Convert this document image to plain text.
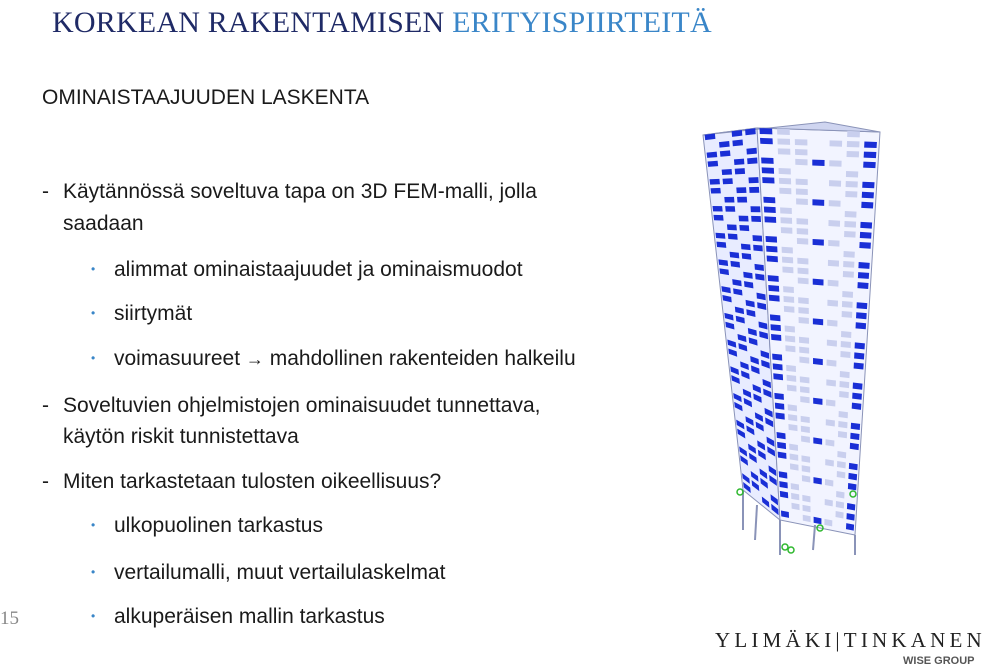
KORKEAN RAKENTAMISEN ERITYISPIIRTEITÄ
OMINAISTAAJUUDEN LASKENTA
- Käytännössä soveltuva tapa on 3D FEM-malli, jolla
saadaan
• alimmat ominaistaajuudet ja ominaismuodot
• siirtymät
• voimasuureet → mahdollinen rakenteiden halkeilu
- Soveltuvien ohjelmistojen ominaisuudet tunnettava,
käytön riskit tunnistettava
- Miten tarkastetaan tulosten oikeellisuus?
• ulkopuolinen tarkastus
• vertailumalli, muut vertailulaskelmat
• alkuperäisen mallin tarkastus
15
YLIMÄKI|TINKANEN
WISE GROUP
